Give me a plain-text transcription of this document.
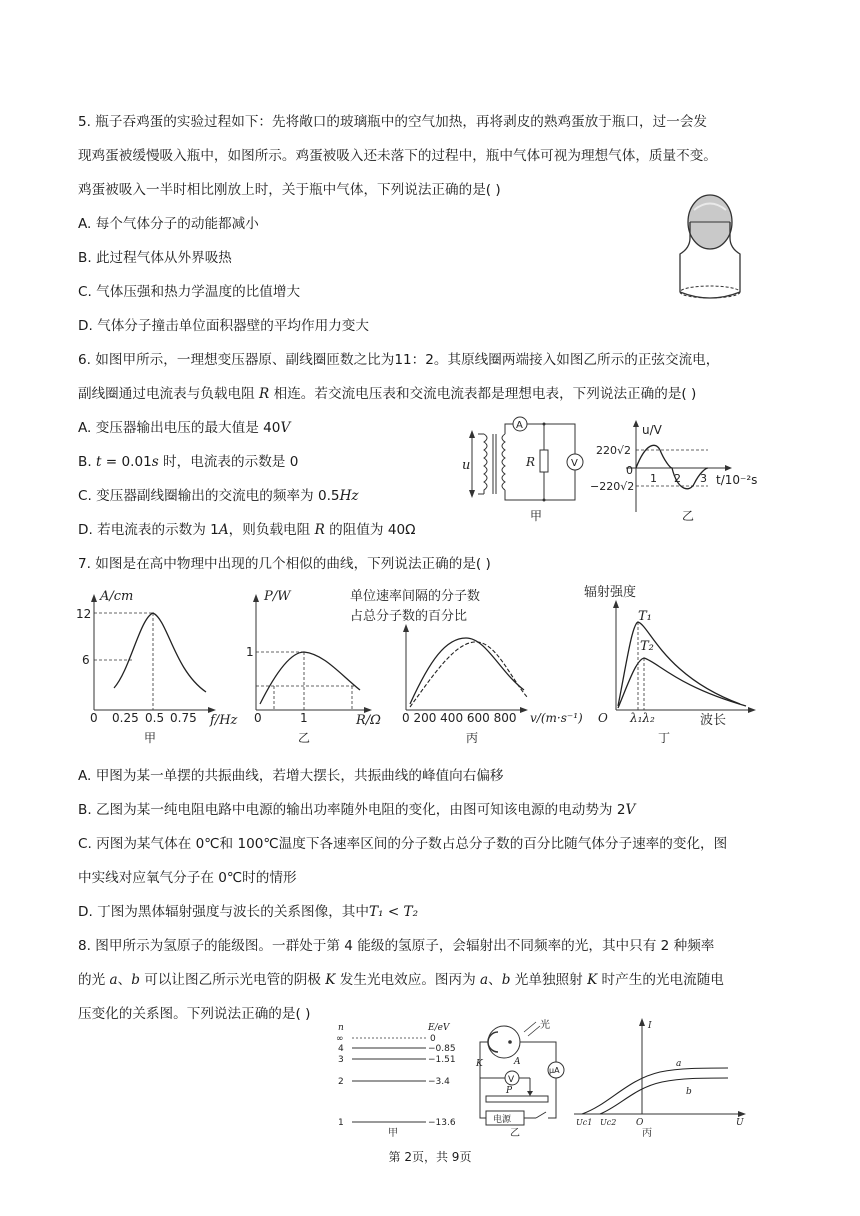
5. 瓶子吞鸡蛋的实验过程如下：先将敞口的玻璃瓶中的空气加热，再将剥皮的熟鸡蛋放于瓶口，过一会发
现鸡蛋被缓慢吸入瓶中，如图所示。鸡蛋被吸入还未落下的过程中，瓶中气体可视为理想气体，质量不变。
鸡蛋被吸入一半时相比刚放上时，关于瓶中气体，下列说法正确的是( )
A. 每个气体分子的动能都减小
B. 此过程气体从外界吸热
C. 气体压强和热力学温度的比值增大
D. 气体分子撞击单位面积器壁的平均作用力变大
6. 如图甲所示，一理想变压器原、副线圈匝数之比为11：2。其原线圈两端接入如图乙所示的正弦交流电，
副线圈通过电流表与负载电阻 R 相连。若交流电压表和交流电流表都是理想电表，下列说法正确的是( )
A. 变压器输出电压的最大值是 40V
B. t = 0.01s 时，电流表的示数是 0
C. 变压器副线圈输出的交流电的频率为 0.5Hz
D. 若电流表的示数为 1A，则负载电阻 R 的阻值为 40Ω
u
A
R	V
甲
u/V
220√2
−220√2
0
1 2 3 t/10⁻²s
乙
7. 如图是在高中物理中出现的几个相似的曲线，下列说法正确的是( )
A/cm
12
6
0 0.25 0.5 0.75 f/Hz
甲
P/W
1
0	1	R/Ω
乙
单位速率间隔的分子数
占总分子数的百分比
0 200 400 600 800 v/(m·s⁻¹)
丙
辐射强度
T₁
T₂
O λ₁λ₂	波长
丁
A. 甲图为某一单摆的共振曲线，若增大摆长，共振曲线的峰值向右偏移
B. 乙图为某一纯电阻电路中电源的输出功率随外电阻的变化，由图可知该电源的电动势为 2V
C. 丙图为某气体在 0℃和 100℃温度下各速率区间的分子数占总分子数的百分比随气体分子速率的变化，图
中实线对应氧气分子在 0℃时的情形
D. 丁图为黑体辐射强度与波长的关系图像，其中T₁ < T₂
8. 图甲所示为氢原子的能级图。一群处于第 4 能级的氢原子，会辐射出不同频率的光，其中只有 2 种频率
的光 a、b 可以让图乙所示光电管的阴极 K 发生光电效应。图丙为 a、b 光单独照射 K 时产生的光电流随电
压变化的关系图。下列说法正确的是( )
n	E/eV
∞	0
4	−0.85
3	−1.51
2	−3.4
1	−13.6
甲
光
K	A
μA
V
P
电源
乙
I
a
b
Uc1 Uc2 O	U
丙
第 2页，共 9页
